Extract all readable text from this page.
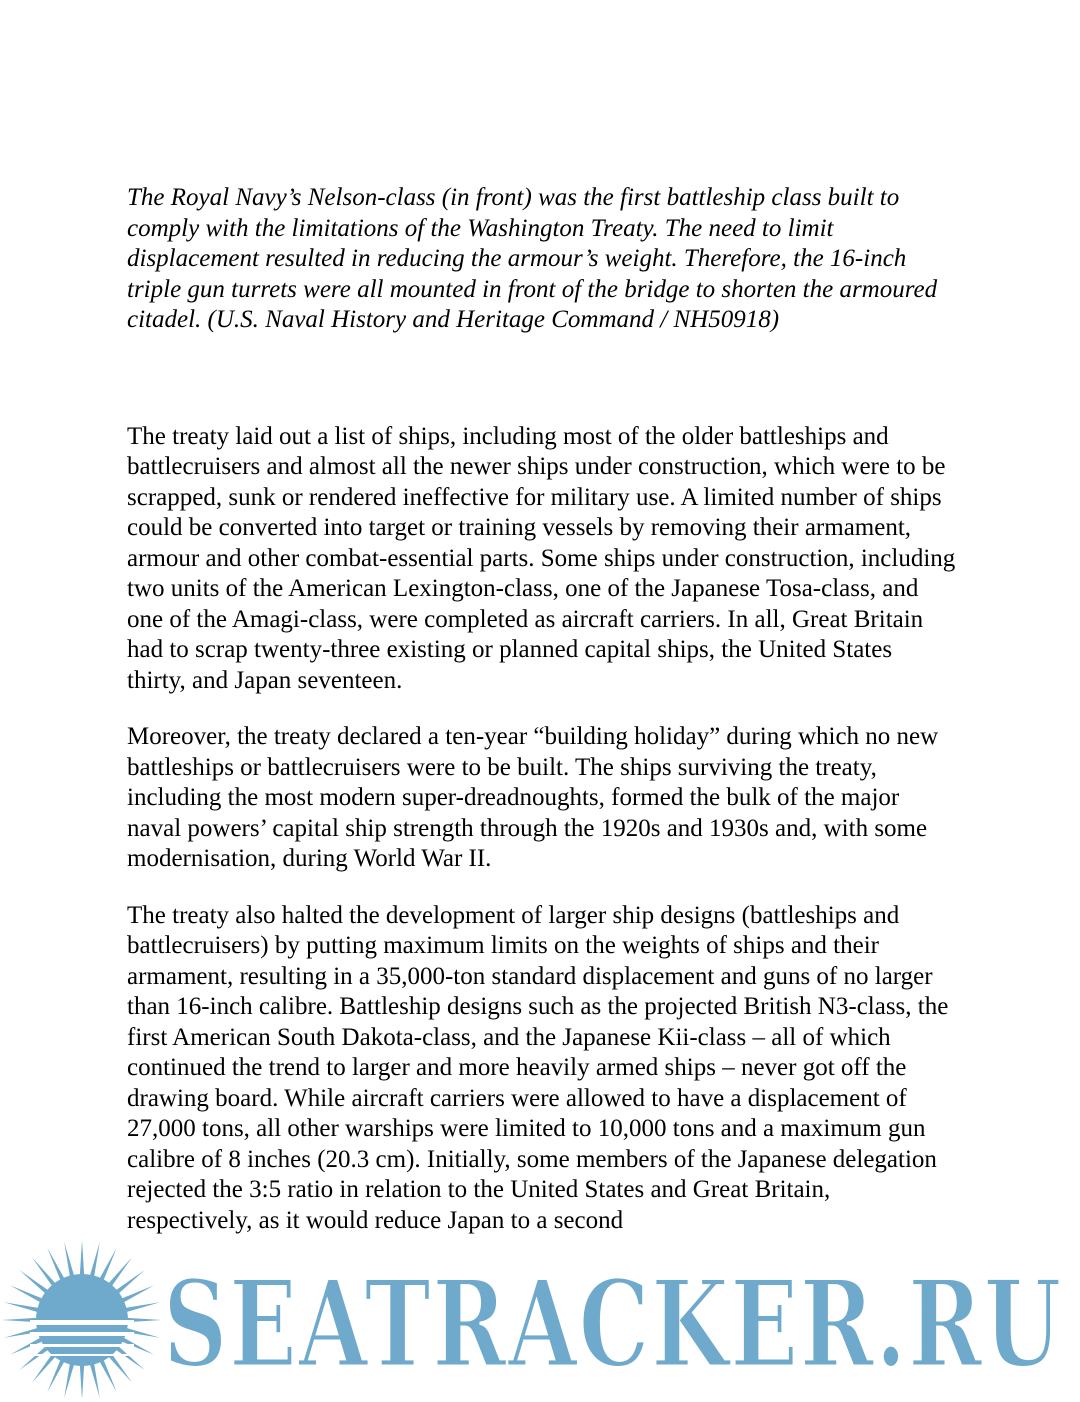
The Royal Navy’s Nelson-class (in front) was the first battleship class built to comply with the limitations of the Washington Treaty. The need to limit displacement resulted in reducing the armour’s weight. Therefore, the 16-inch triple gun turrets were all mounted in front of the bridge to shorten the armoured citadel. (U.S. Naval History and Heritage Command / NH50918)

The treaty laid out a list of ships, including most of the older battleships and battlecruisers and almost all the newer ships under construction, which were to be scrapped, sunk or rendered ineffective for military use. A limited number of ships could be converted into target or training vessels by removing their armament, armour and other combat-essential parts. Some ships under construction, including two units of the American Lexington-class, one of the Japanese Tosa-class, and one of the Amagi-class, were completed as aircraft carriers. In all, Great Britain had to scrap twenty-three existing or planned capital ships, the United States thirty, and Japan seventeen.

Moreover, the treaty declared a ten-year “building holiday” during which no new battleships or battlecruisers were to be built. The ships surviving the treaty, including the most modern super-dreadnoughts, formed the bulk of the major naval powers’ capital ship strength through the 1920s and 1930s and, with some modernisation, during World War II.

The treaty also halted the development of larger ship designs (battleships and battlecruisers) by putting maximum limits on the weights of ships and their armament, resulting in a 35,000-ton standard displacement and guns of no larger than 16-inch calibre. Battleship designs such as the projected British N3-class, the first American South Dakota-class, and the Japanese Kii-class – all of which continued the trend to larger and more heavily armed ships – never got off the drawing board. While aircraft carriers were allowed to have a displacement of 27,000 tons, all other warships were limited to 10,000 tons and a maximum gun calibre of 8 inches (20.3 cm). Initially, some members of the Japanese delegation rejected the 3:5 ratio in relation to the United States and Great Britain, respectively, as it would reduce Japan to a second

SEATRACKER.RU
